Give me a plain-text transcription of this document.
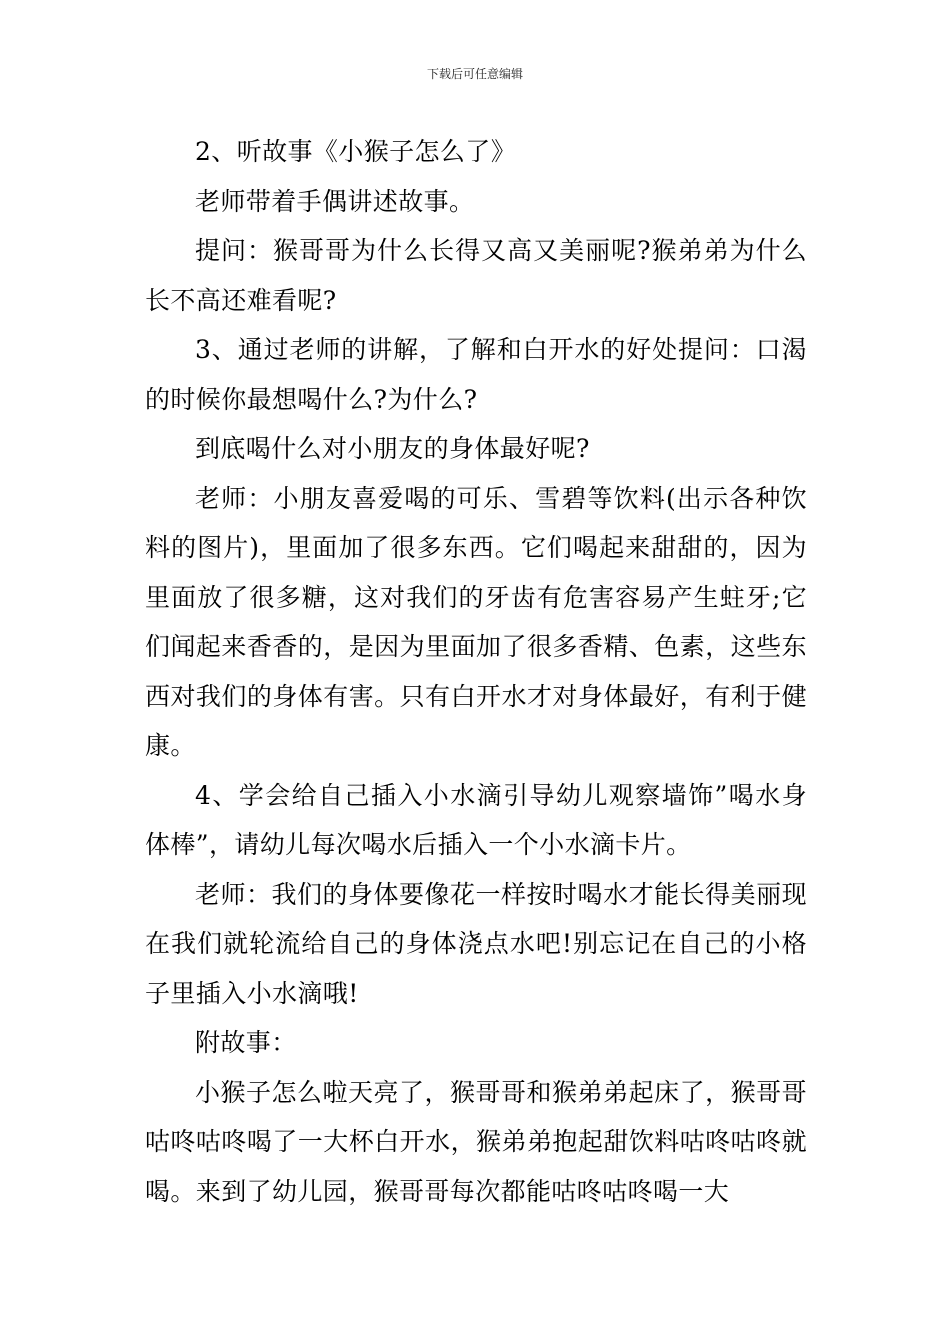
下载后可任意编辑

2、听故事《小猴子怎么了》

老师带着手偶讲述故事。

提问：猴哥哥为什么长得又高又美丽呢?猴弟弟为什么长不高还难看呢?

3、通过老师的讲解，了解和白开水的好处提问：口渴的时候你最想喝什么?为什么?

到底喝什么对小朋友的身体最好呢?

老师：小朋友喜爱喝的可乐、雪碧等饮料(出示各种饮料的图片)，里面加了很多东西。它们喝起来甜甜的，因为里面放了很多糖，这对我们的牙齿有危害容易产生蛀牙;它们闻起来香香的，是因为里面加了很多香精、色素，这些东西对我们的身体有害。只有白开水才对身体最好，有利于健康。

4、学会给自己插入小水滴引导幼儿观察墙饰”喝水身体棒”，请幼儿每次喝水后插入一个小水滴卡片。

老师：我们的身体要像花一样按时喝水才能长得美丽现在我们就轮流给自己的身体浇点水吧!别忘记在自己的小格子里插入小水滴哦!

附故事：

小猴子怎么啦天亮了，猴哥哥和猴弟弟起床了，猴哥哥咕咚咕咚喝了一大杯白开水，猴弟弟抱起甜饮料咕咚咕咚就喝。来到了幼儿园，猴哥哥每次都能咕咚咕咚喝一大
